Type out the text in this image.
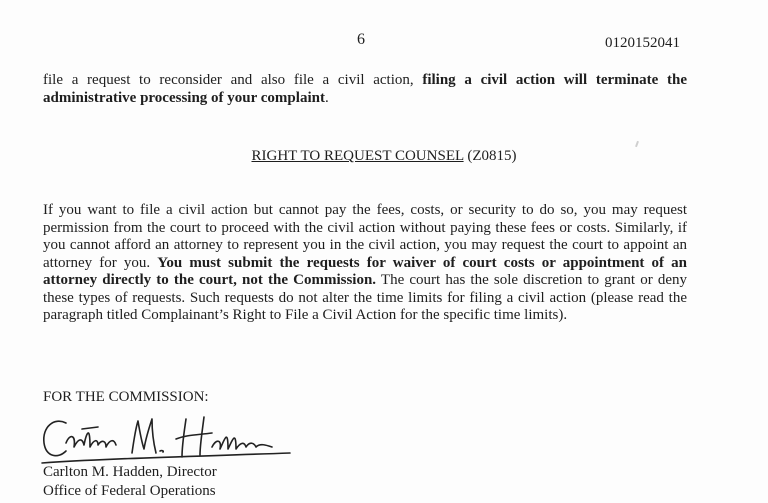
6	0120152041

file a request to reconsider and also file a civil action, filing a civil action will terminate the administrative processing of your complaint.

RIGHT TO REQUEST COUNSEL (Z0815)

If you want to file a civil action but cannot pay the fees, costs, or security to do so, you may request permission from the court to proceed with the civil action without paying these fees or costs. Similarly, if you cannot afford an attorney to represent you in the civil action, you may request the court to appoint an attorney for you. You must submit the requests for waiver of court costs or appointment of an attorney directly to the court, not the Commission. The court has the sole discretion to grant or deny these types of requests. Such requests do not alter the time limits for filing a civil action (please read the paragraph titled Complainant’s Right to File a Civil Action for the specific time limits).

FOR THE COMMISSION:
Carlton M. Hadden, Director
Office of Federal Operations
